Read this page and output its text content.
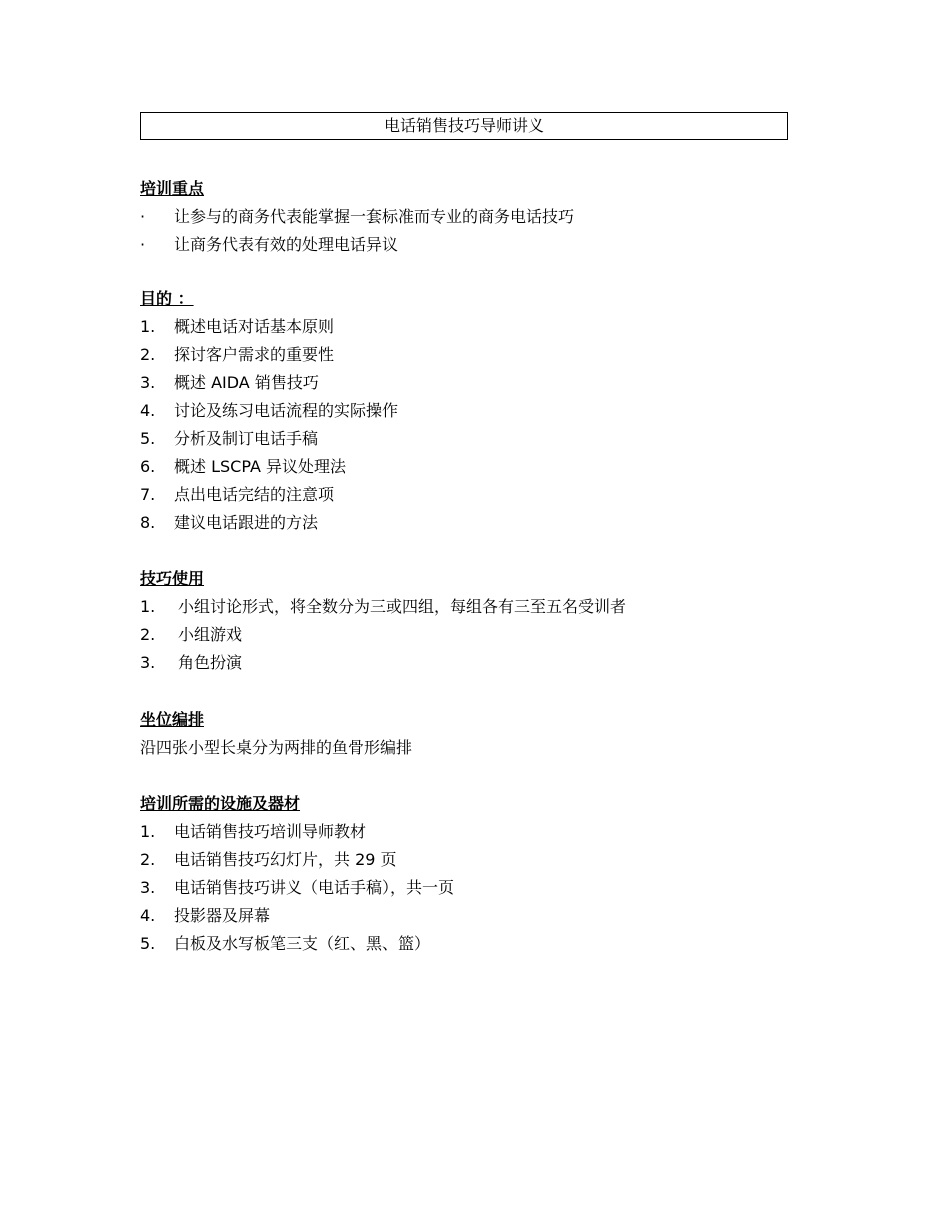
电话销售技巧导师讲义
培训重点
· 让参与的商务代表能掌握一套标准而专业的商务电话技巧
· 让商务代表有效的处理电话异议
目的 ：
1. 概述电话对话基本原则
2. 探讨客户需求的重要性
3. 概述 AIDA 销售技巧
4. 讨论及练习电话流程的实际操作
5. 分析及制订电话手稿
6. 概述 LSCPA 异议处理法
7. 点出电话完结的注意项
8. 建议电话跟进的方法
技巧使用
1. 小组讨论形式，将全数分为三或四组，每组各有三至五名受训者
2. 小组游戏
3. 角色扮演
坐位编排
沿四张小型长桌分为两排的鱼骨形编排
培训所需的设施及器材
1. 电话销售技巧培训导师教材
2. 电话销售技巧幻灯片，共 29 页
3. 电话销售技巧讲义（电话手稿），共一页
4. 投影器及屏幕
5. 白板及水写板笔三支（红、黑、篮）
